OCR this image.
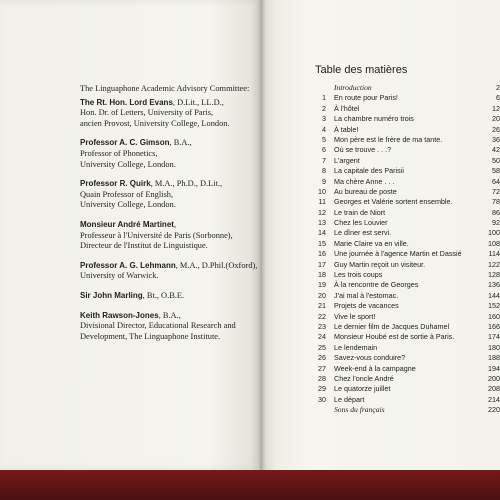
The Linguaphone Academic Advisory Committee:
The Rt. Hon. Lord Evans, D.Lit., LL.D.,
Hon. Dr. of Letters, University of Paris,
ancien Provost, University College, London.
Professor A. C. Gimson, B.A.,
Professor of Phonetics,
University College, London.
Professor R. Quirk, M.A., Ph.D., D.Lit.,
Quain Professor of English,
University College, London.
Monsieur André Martinet,
Professeur à l'Université de Paris (Sorbonne),
Directeur de l'Institut de Linguistique.
Professor A. G. Lehmann, M.A., D.Phil.(Oxford),
University of Warwick.
Sir John Marling, Bt., O.B.E.
Keith Rawson-Jones, B.A.,
Divisional Director, Educational Research and
Development, The Linguaphone Institute.
Table des matières
Introduction	2
1 En route pour Paris!	6
2 À l'hôtel	12
3 La chambre numéro trois	20
4 À table!	26
5 Mon père est le frère de ma tante.	36
6 Où se trouve . . .?	42
7 L'argent	50
8 La capitale des Parisii	58
9 Ma chère Anne . . .	64
10 Au bureau de poste	72
11 Georges et Valérie sortent ensemble.	78
12 Le train de Niort	86
13 Chez les Louvier	92
14 Le dîner est servi.	100
15 Marie Claire va en ville.	108
16 Une journée à l'agence Martin et Dassié	114
17 Guy Martin reçoit un visiteur.	122
18 Les trois coups	128
19 À la rencontre de Georges	136
20 J'ai mal à l'estomac.	144
21 Projets de vacances	152
22 Vive le sport!	160
23 Le dernier film de Jacques Duhamel	166
24 Monsieur Houbé est de sortie à Paris.	174
25 Le lendemain	180
26 Savez-vous conduire?	188
27 Week-end à la campagne	194
28 Chez l'oncle André	200
29 Le quatorze juillet	208
30 Le départ	214
Sons du français	220
